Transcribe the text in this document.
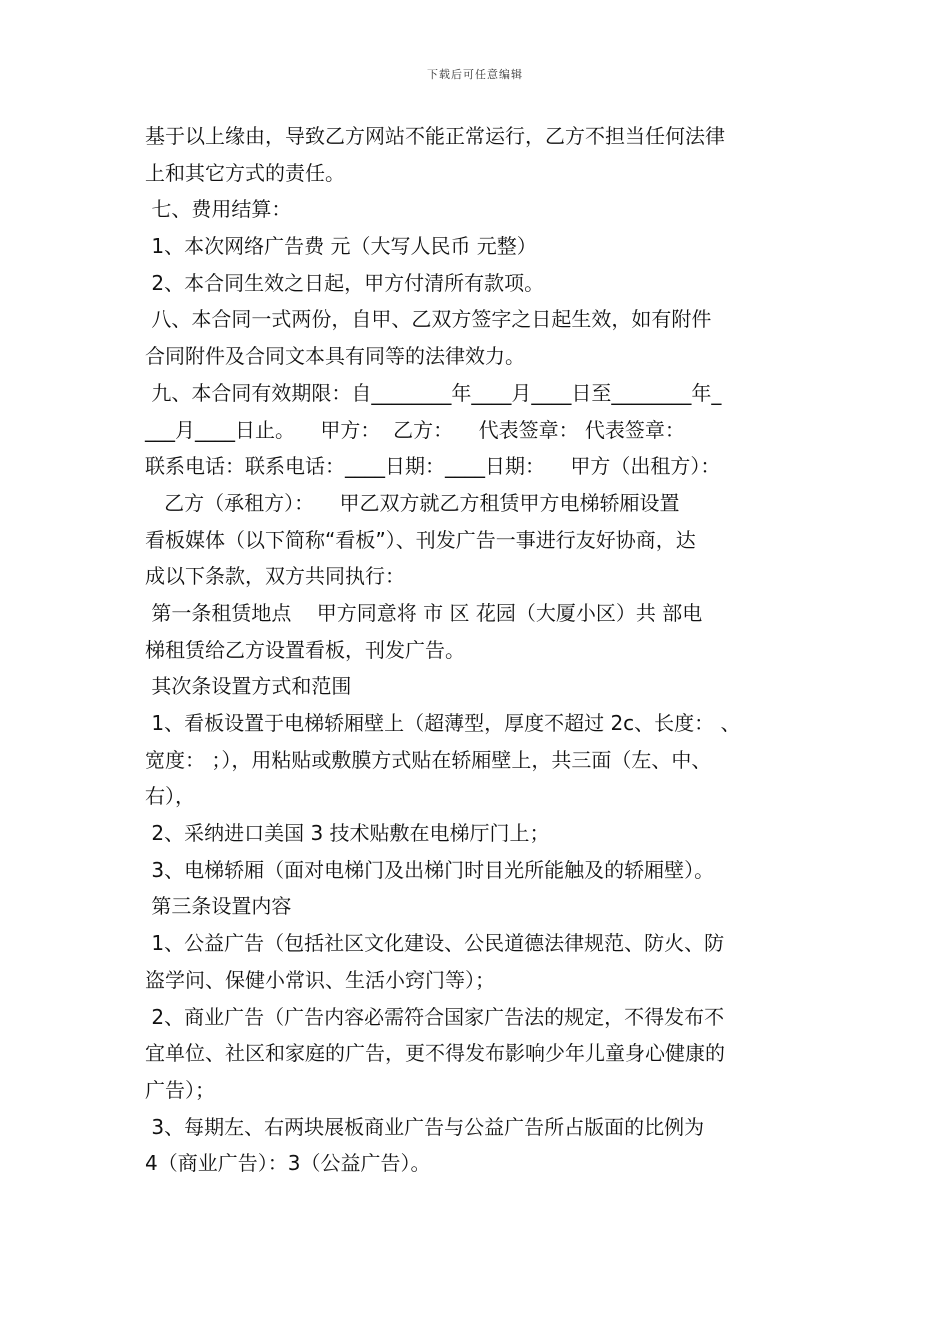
下载后可任意编辑
基于以上缘由，导致乙方网站不能正常运行，乙方不担当任何法律
上和其它方式的责任。
七、费用结算：
1、本次网络广告费 元（大写人民币 元整）
2、本合同生效之日起，甲方付清所有款项。
八、本合同一式两份，自甲、乙双方签字之日起生效，如有附件
合同附件及合同文本具有同等的法律效力。
九、本合同有效期限：自________年____月____日至________年_
___月____日止。    甲方：  乙方：    代表签章： 代表签章：
联系电话：联系电话：____日期：____日期：    甲方（出租方）：
乙方（承租方）：    甲乙双方就乙方租赁甲方电梯轿厢设置
看板媒体（以下简称“看板”）、刊发广告一事进行友好协商，达
成以下条款，双方共同执行：
第一条租赁地点    甲方同意将 市 区 花园（大厦小区）共 部电
梯租赁给乙方设置看板，刊发广告。
其次条设置方式和范围
1、看板设置于电梯轿厢壁上（超薄型，厚度不超过 2c、长度： 、
宽度： ；），用粘贴或敷膜方式贴在轿厢壁上，共三面（左、中、
右），
2、采纳进口美国 3 技术贴敷在电梯厅门上；
3、电梯轿厢（面对电梯门及出梯门时目光所能触及的轿厢壁）。
第三条设置内容
1、公益广告（包括社区文化建设、公民道德法律规范、防火、防
盗学问、保健小常识、生活小窍门等）；
2、商业广告（广告内容必需符合国家广告法的规定，不得发布不
宜单位、社区和家庭的广告，更不得发布影响少年儿童身心健康的
广告）；
3、每期左、右两块展板商业广告与公益广告所占版面的比例为
4（商业广告）：3（公益广告）。
